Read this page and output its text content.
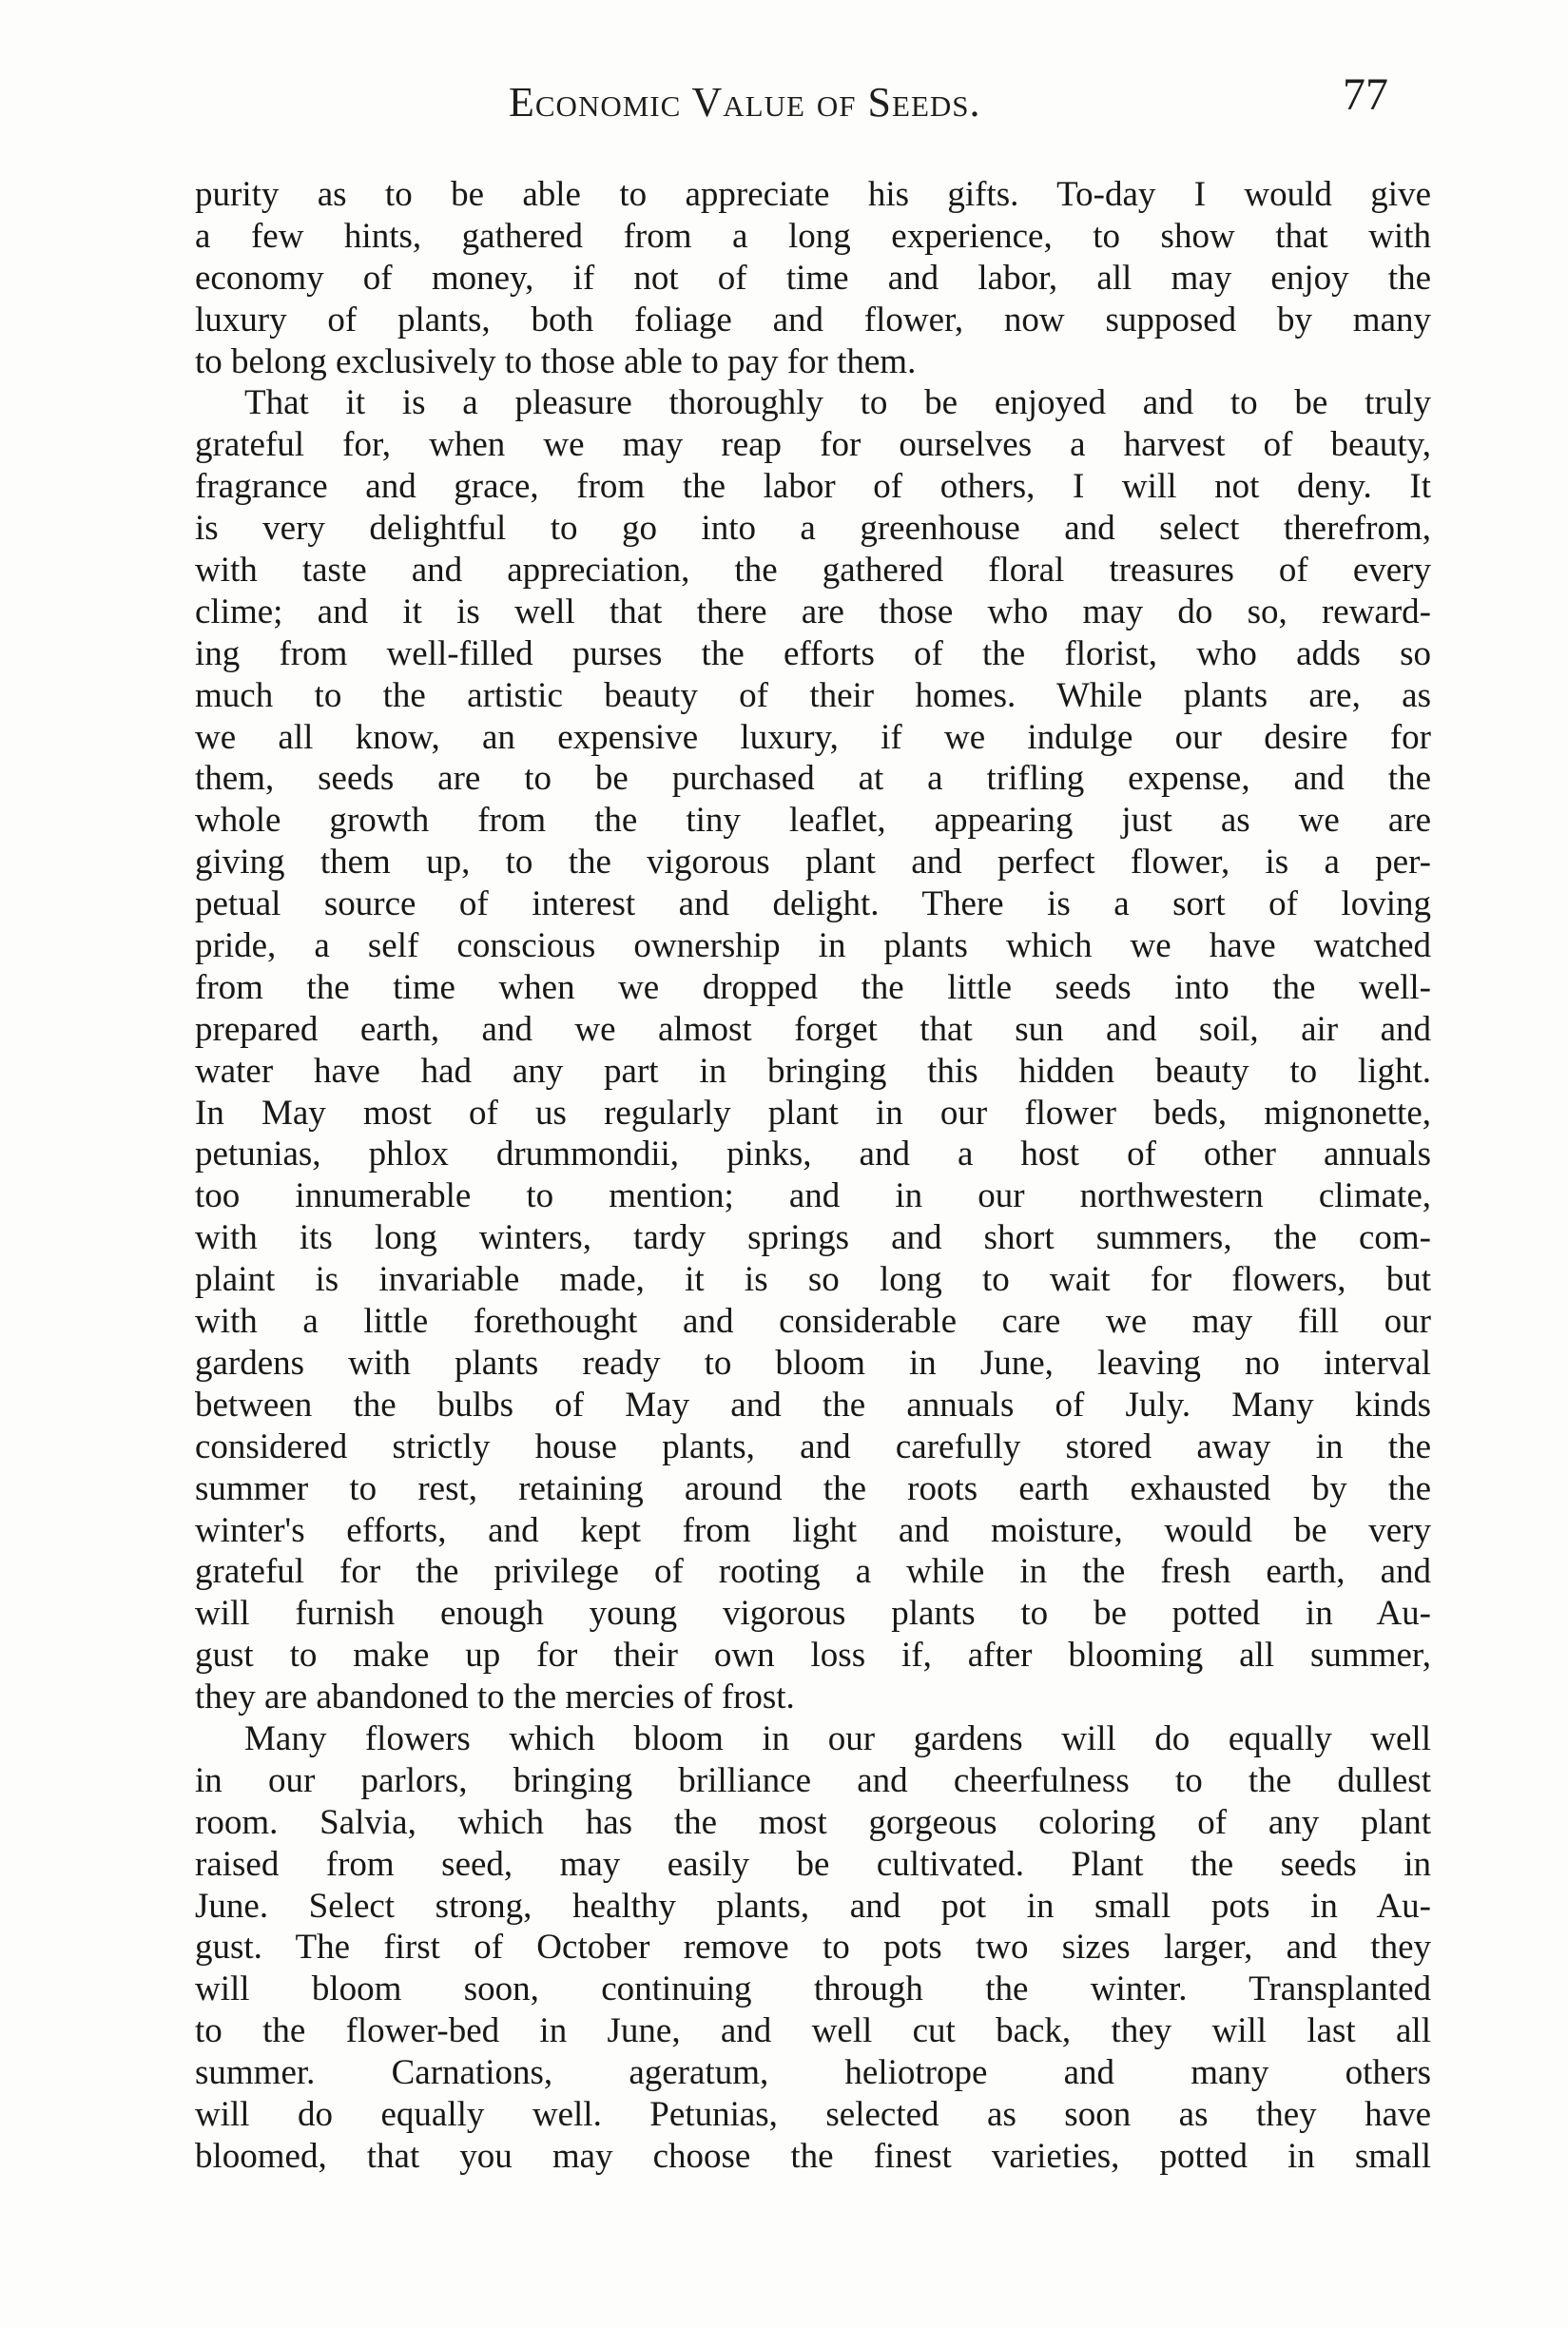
Economic Value of Seeds.	77
purity as to be able to appreciate his gifts. To-day I would give
a few hints, gathered from a long experience, to show that with
economy of money, if not of time and labor, all may enjoy the
luxury of plants, both foliage and flower, now supposed by many
to belong exclusively to those able to pay for them.
That it is a pleasure thoroughly to be enjoyed and to be truly
grateful for, when we may reap for ourselves a harvest of beauty,
fragrance and grace, from the labor of others, I will not deny. It
is very delightful to go into a greenhouse and select therefrom,
with taste and appreciation, the gathered floral treasures of every
clime; and it is well that there are those who may do so, reward-
ing from well-filled purses the efforts of the florist, who adds so
much to the artistic beauty of their homes. While plants are, as
we all know, an expensive luxury, if we indulge our desire for
them, seeds are to be purchased at a trifling expense, and the
whole growth from the tiny leaflet, appearing just as we are
giving them up, to the vigorous plant and perfect flower, is a per-
petual source of interest and delight. There is a sort of loving
pride, a self conscious ownership in plants which we have watched
from the time when we dropped the little seeds into the well-
prepared earth, and we almost forget that sun and soil, air and
water have had any part in bringing this hidden beauty to light.
In May most of us regularly plant in our flower beds, mignonette,
petunias, phlox drummondii, pinks, and a host of other annuals
too innumerable to mention; and in our northwestern climate,
with its long winters, tardy springs and short summers, the com-
plaint is invariable made, it is so long to wait for flowers, but
with a little forethought and considerable care we may fill our
gardens with plants ready to bloom in June, leaving no interval
between the bulbs of May and the annuals of July. Many kinds
considered strictly house plants, and carefully stored away in the
summer to rest, retaining around the roots earth exhausted by the
winter's efforts, and kept from light and moisture, would be very
grateful for the privilege of rooting a while in the fresh earth, and
will furnish enough young vigorous plants to be potted in Au-
gust to make up for their own loss if, after blooming all summer,
they are abandoned to the mercies of frost.
Many flowers which bloom in our gardens will do equally well
in our parlors, bringing brilliance and cheerfulness to the dullest
room. Salvia, which has the most gorgeous coloring of any plant
raised from seed, may easily be cultivated. Plant the seeds in
June. Select strong, healthy plants, and pot in small pots in Au-
gust. The first of October remove to pots two sizes larger, and they
will bloom soon, continuing through the winter. Transplanted
to the flower-bed in June, and well cut back, they will last all
summer. Carnations, ageratum, heliotrope and many others
will do equally well. Petunias, selected as soon as they have
bloomed, that you may choose the finest varieties, potted in small
